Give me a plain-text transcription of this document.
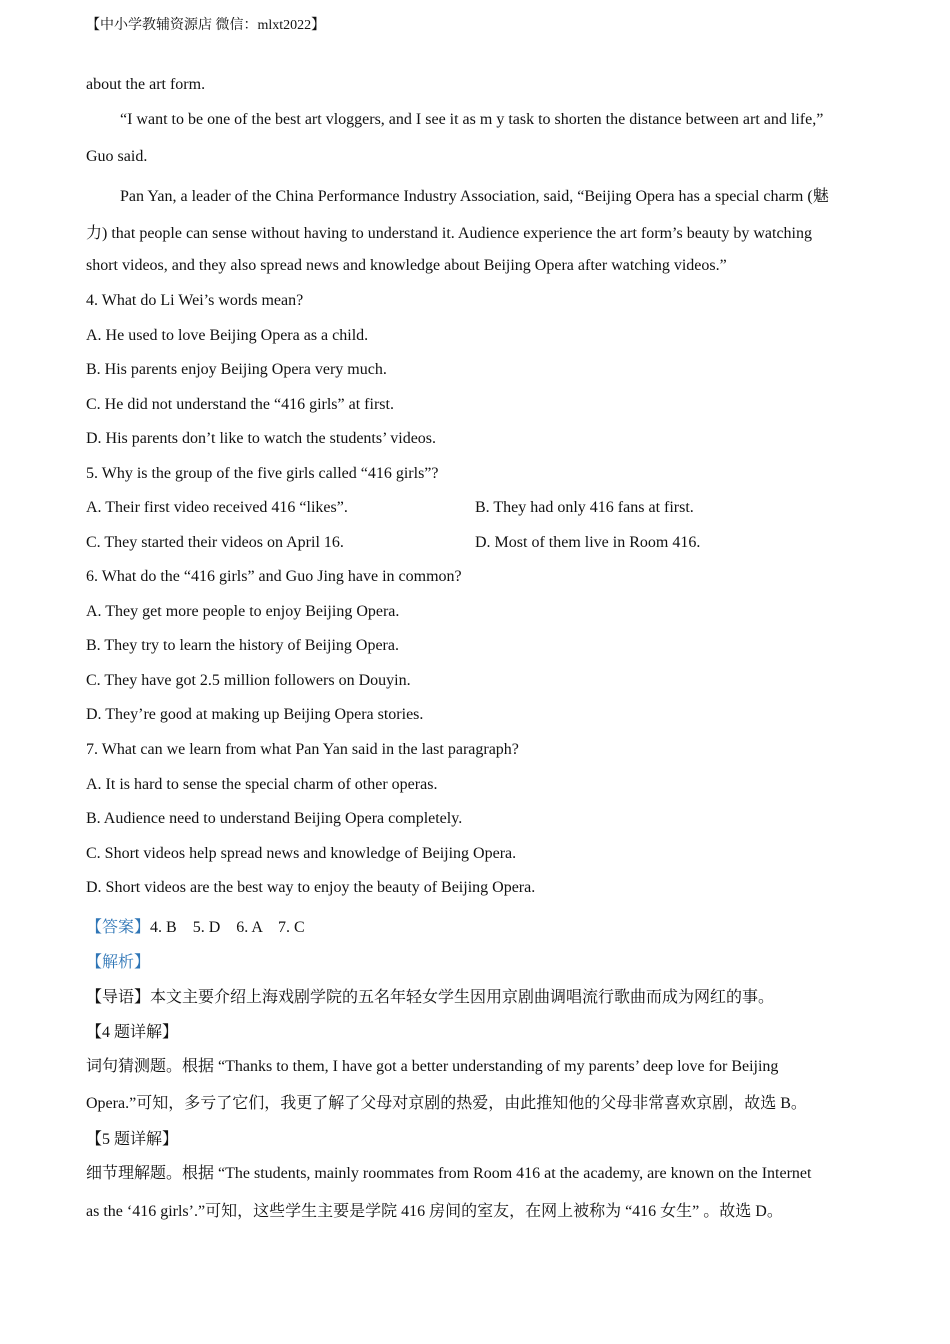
【中小学教辅资源店 微信：mlxt2022】
about the art form.
“I want to be one of the best art vloggers, and I see it as m y task to shorten the distance between art and life,”
Guo said.
Pan Yan, a leader of the China Performance Industry Association, said, “Beijing Opera has a special charm (魅
力) that people can sense without having to understand it. Audience experience the art form’s beauty by watching
short videos, and they also spread news and knowledge about Beijing Opera after watching videos.”
4. What do Li Wei’s words mean?
A. He used to love Beijing Opera as a child.
B. His parents enjoy Beijing Opera very much.
C. He did not understand the “416 girls” at first.
D. His parents don’t like to watch the students’ videos.
5. Why is the group of the five girls called “416 girls”?
A. Their first video received 416 “likes”.	B. They had only 416 fans at first.
C. They started their videos on April 16.	D. Most of them live in Room 416.
6. What do the “416 girls” and Guo Jing have in common?
A. They get more people to enjoy Beijing Opera.
B. They try to learn the history of Beijing Opera.
C. They have got 2.5 million followers on Douyin.
D. They’re good at making up Beijing Opera stories.
7. What can we learn from what Pan Yan said in the last paragraph?
A. It is hard to sense the special charm of other operas.
B. Audience need to understand Beijing Opera completely.
C. Short videos help spread news and knowledge of Beijing Opera.
D. Short videos are the best way to enjoy the beauty of Beijing Opera.
【答案】4. B    5. D    6. A    7. C
【解析】
【导语】本文主要介绍上海戏剧学院的五名年轻女学生因用京剧曲调唱流行歌曲而成为网红的事。
【4 题详解】
词句猜测题。根据 “Thanks to them, I have got a better understanding of my parents’ deep love for Beijing
Opera.”可知，多亏了它们，我更了解了父母对京剧的热爱，由此推知他的父母非常喜欢京剧，故选 B。
【5 题详解】
细节理解题。根据 “The students, mainly roommates from Room 416 at the academy, are known on the Internet
as the ‘416 girls’.”可知，这些学生主要是学院 416 房间的室友，在网上被称为 “416 女生” 。故选 D。
